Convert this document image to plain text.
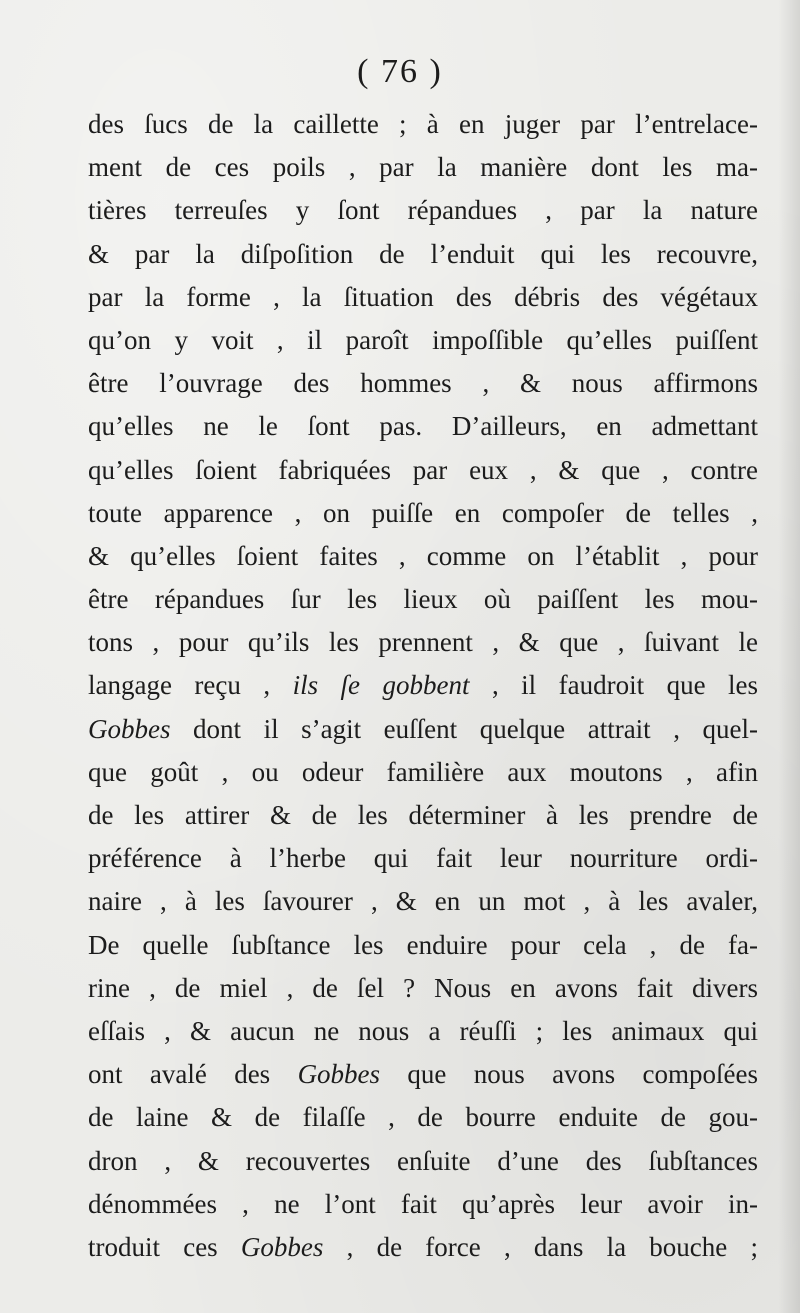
( 76 )
des ſucs de la caillette ; à en juger par l’entrelace-
ment de ces poils , par la manière dont les ma-
tières terreuſes y ſont répandues , par la nature
& par la diſpoſition de l’enduit qui les recouvre,
par la forme , la ſituation des débris des végétaux
qu’on y voit , il paroît impoſſible qu’elles puiſſent
être l’ouvrage des hommes , & nous affirmons
qu’elles ne le ſont pas. D’ailleurs, en admettant
qu’elles ſoient fabriquées par eux , & que , contre
toute apparence , on puiſſe en compoſer de telles ,
& qu’elles ſoient faites , comme on l’établit , pour
être répandues ſur les lieux où paiſſent les mou-
tons , pour qu’ils les prennent , & que , ſuivant le
langage reçu , ils ſe gobbent , il faudroit que les
Gobbes dont il s’agit euſſent quelque attrait , quel-
que goût , ou odeur familière aux moutons , afin
de les attirer & de les déterminer à les prendre de
préférence à l’herbe qui fait leur nourriture ordi-
naire , à les ſavourer , & en un mot , à les avaler,
De quelle ſubſtance les enduire pour cela , de fa-
rine , de miel , de ſel ? Nous en avons fait divers
eſſais , & aucun ne nous a réuſſi ; les animaux qui
ont avalé des Gobbes que nous avons compoſées
de laine & de filaſſe , de bourre enduite de gou-
dron , & recouvertes enſuite d’une des ſubſtances
dénommées , ne l’ont fait qu’après leur avoir in-
troduit ces Gobbes , de force , dans la bouche ;
